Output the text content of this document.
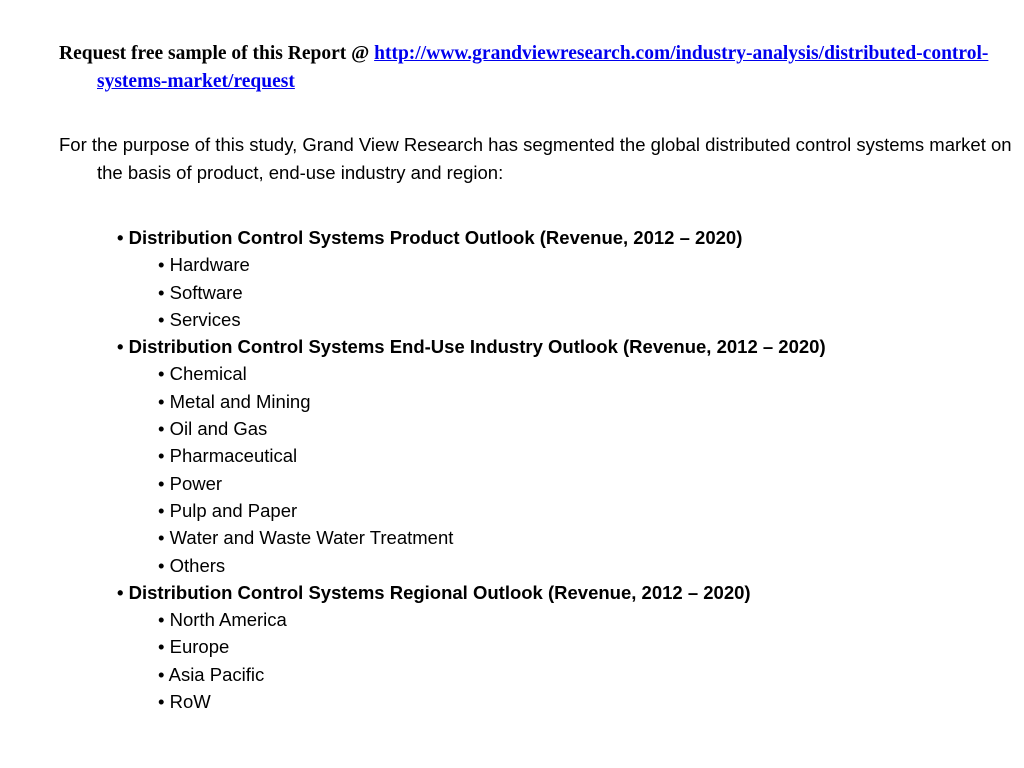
Request free sample of this Report @ http://www.grandviewresearch.com/industry-analysis/distributed-control-systems-market/request
For the purpose of this study, Grand View Research has segmented the global distributed control systems market on the basis of product, end-use industry and region:
• Distribution Control Systems Product Outlook (Revenue, 2012 – 2020)
• Hardware
• Software
• Services
• Distribution Control Systems End-Use Industry Outlook (Revenue, 2012 – 2020)
• Chemical
• Metal and Mining
• Oil and Gas
• Pharmaceutical
• Power
• Pulp and Paper
• Water and Waste Water Treatment
• Others
• Distribution Control Systems Regional Outlook (Revenue, 2012 – 2020)
• North America
• Europe
• Asia Pacific
• RoW
